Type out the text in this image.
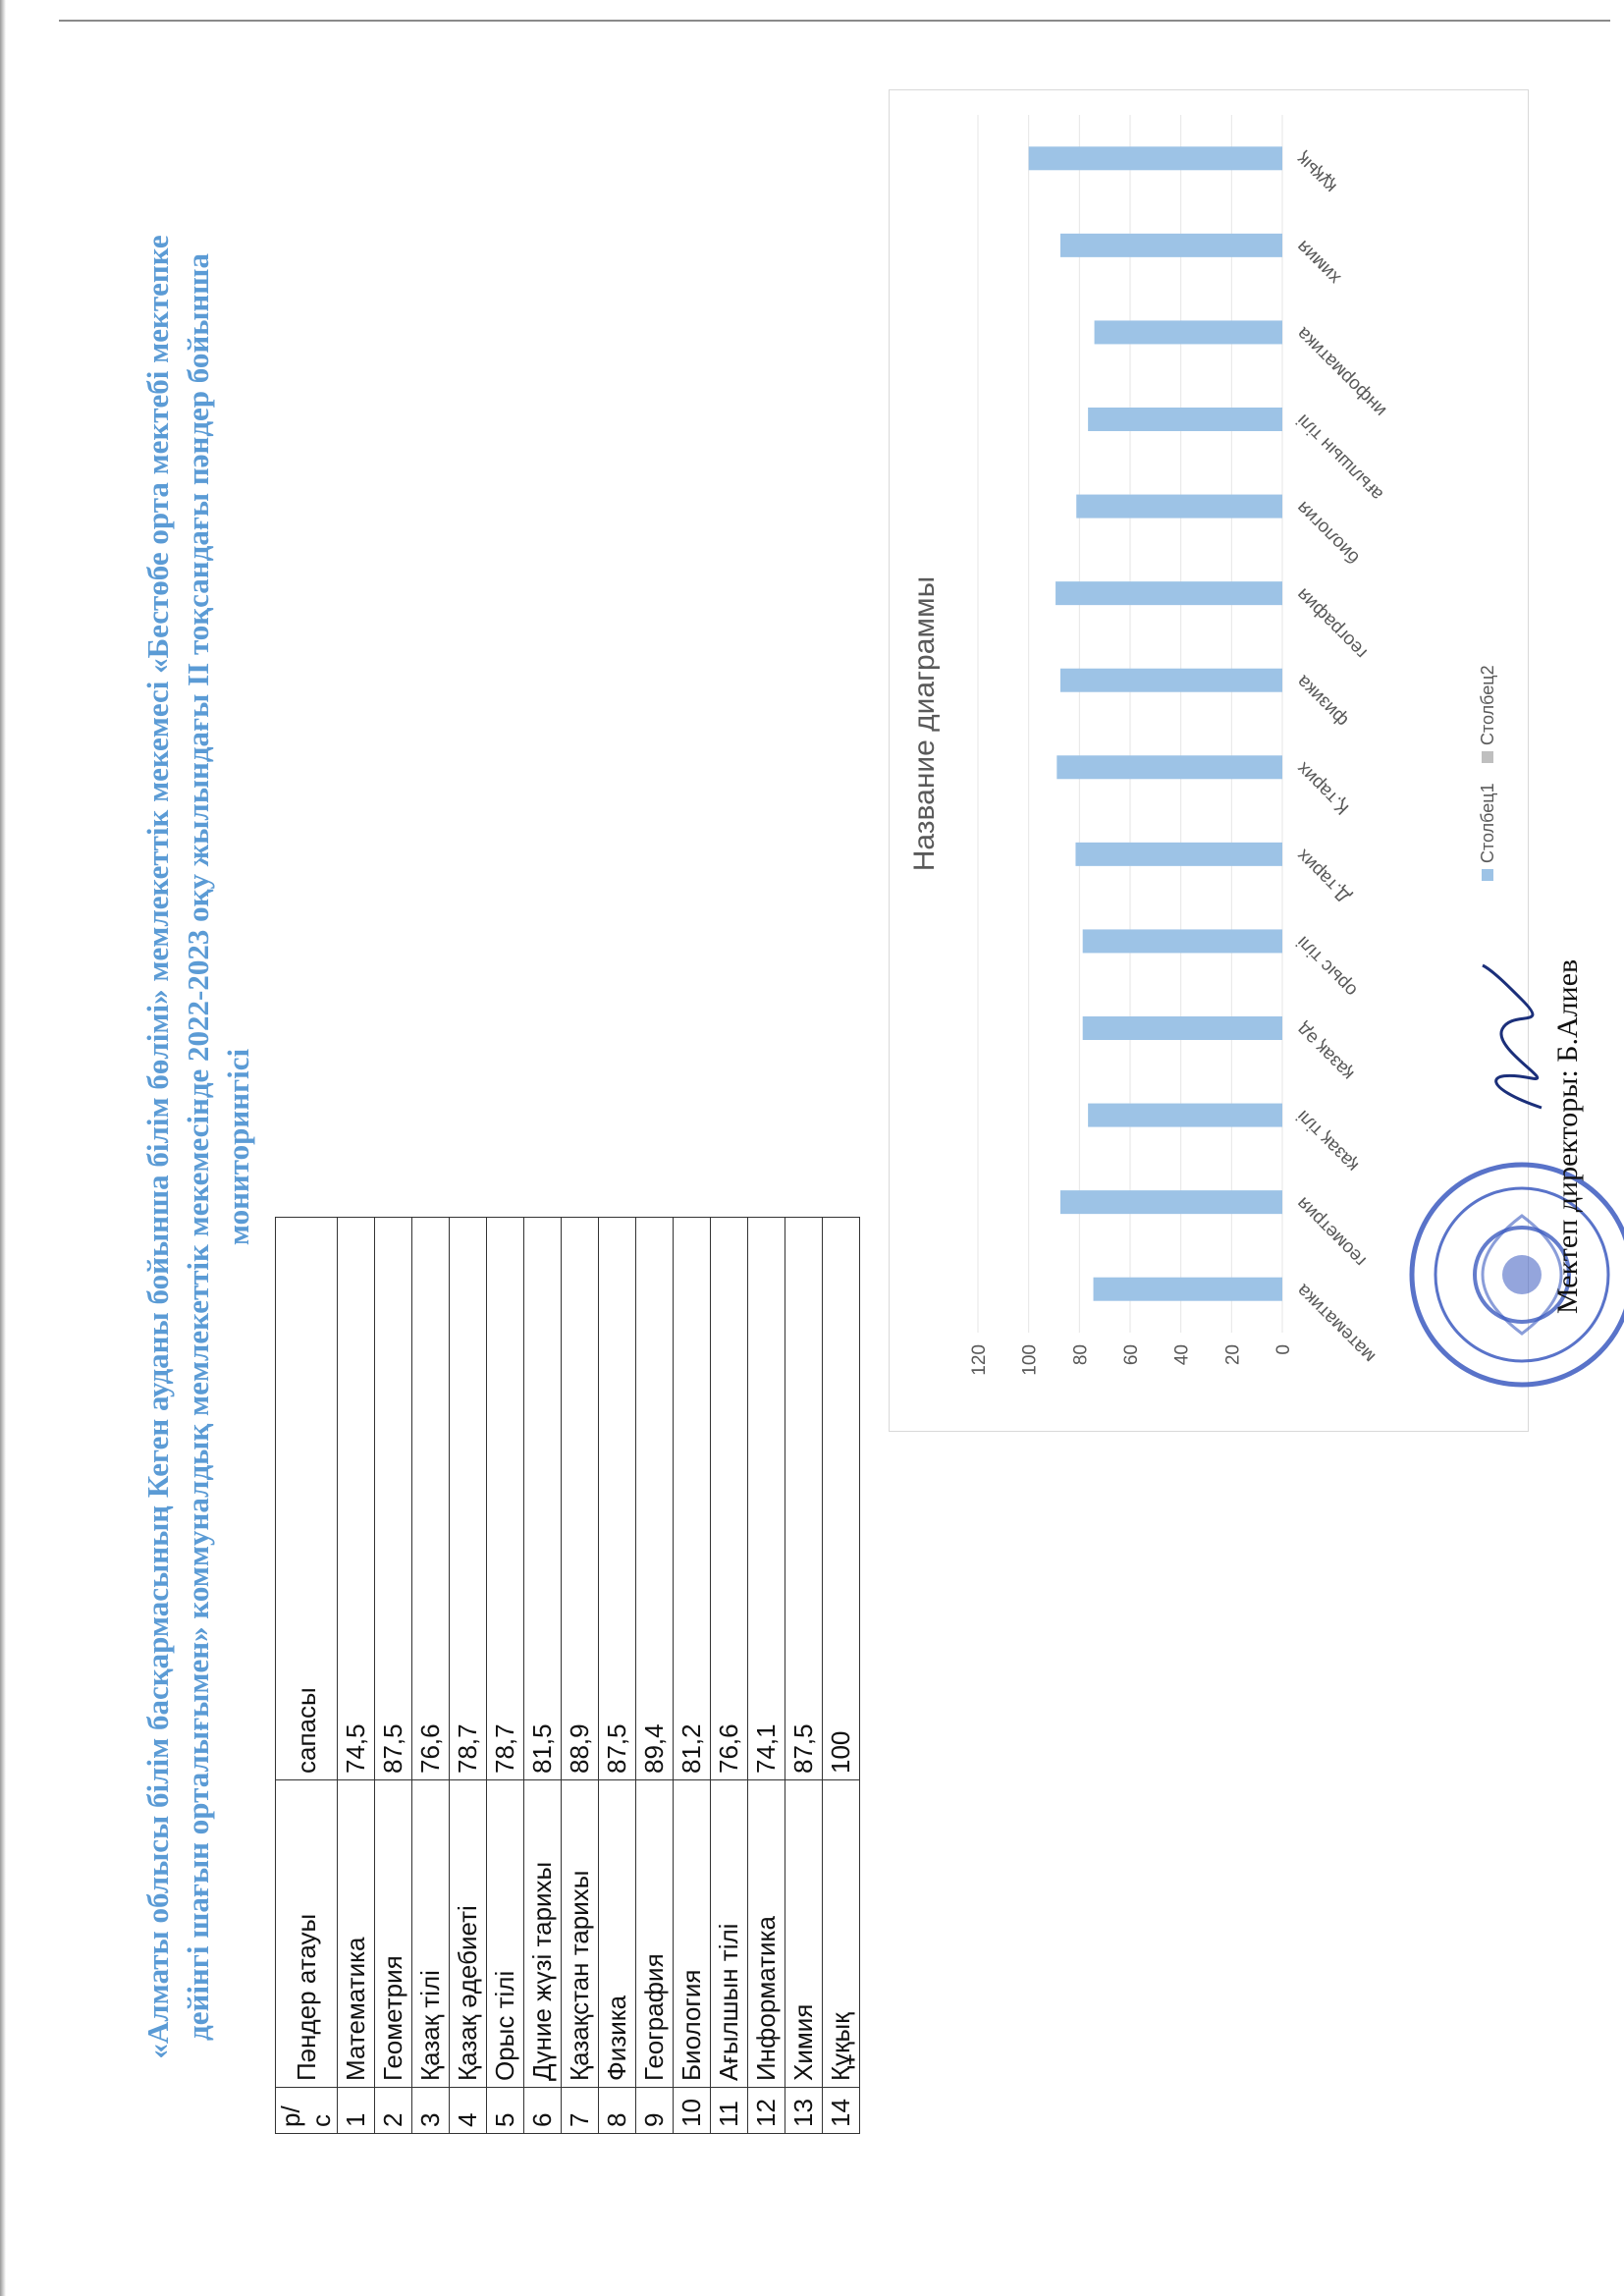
«Алматы облысы білім басқармасының Кеген ауданы бойынша білім бөлімі» мемлекеттік мекемесі «Бестөбе орта мектебі мектепке дейінгі шағын орталығымен» коммуналдық мемлекеттік мекемесінде 2022-2023 оқу жылындағы II тоқсандағы пәндер бойынша мониторингісі
р/с	Пәндер атауы	сапасы
1	Математика	74,5
2	Геометрия	87,5
3	Қазақ тілі	76,6
4	Қазақ әдебиеті	78,7
5	Орыс тілі	78,7
6	Дүние жүзі тарихы	81,5
7	Қазақстан тарихы	88,9
8	Физика	87,5
9	География	89,4
10	Биология	81,2
11	Ағылшын тілі	76,6
12	Информатика	74,1
13	Химия	87,5
14	Құқық	100
Название диаграммы
0
20
40
60
80
100
120	математика
геометрия
қазақ тілі
қазақ әд
орыс тілі
Д.тарих
Қ.тарих
физика
география
биология
ағылшын тілі
информатика
химия
құқық
Столбец1
Столбец2
Мектеп директоры: Б.Алиев
